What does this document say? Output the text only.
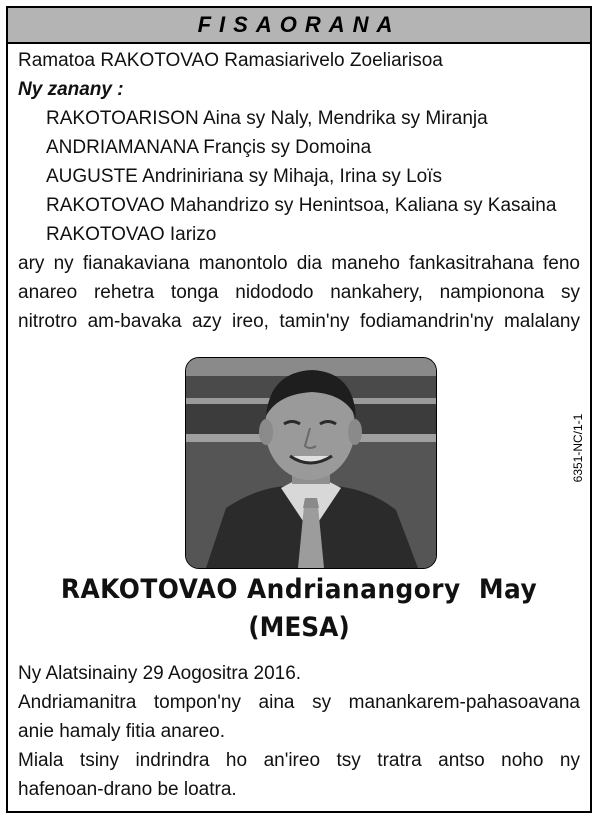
FISAORANA
Ramatoa RAKOTOVAO Ramasiarivelo Zoeliarisoa
Ny zanany :
RAKOTOARISON Aina sy Naly, Mendrika sy Miranja
ANDRIAMANANA Françis sy Domoina
AUGUSTE Andriniriana sy Mihaja, Irina sy Loïs
RAKOTOVAO Mahandrizo sy Henintsoa, Kaliana sy Kasaina
RAKOTOVAO Iarizo
ary ny fianakaviana manontolo dia maneho fankasitrahana feno
anareo rehetra tonga nidododo nankahery, nampionona sy
nitrotro am-bavaka azy ireo, tamin'ny fodiamandrin'ny malalany
6351-NC/1-1
RAKOTOVAO Andrianangory  May
(MESA)
Ny Alatsinainy 29 Aogositra 2016.
Andriamanitra tompon'ny aina sy manankarem-pahasoavana
anie hamaly fitia anareo.
Miala tsiny indrindra ho an'ireo tsy tratra antso noho ny
hafenoan-drano be loatra.
